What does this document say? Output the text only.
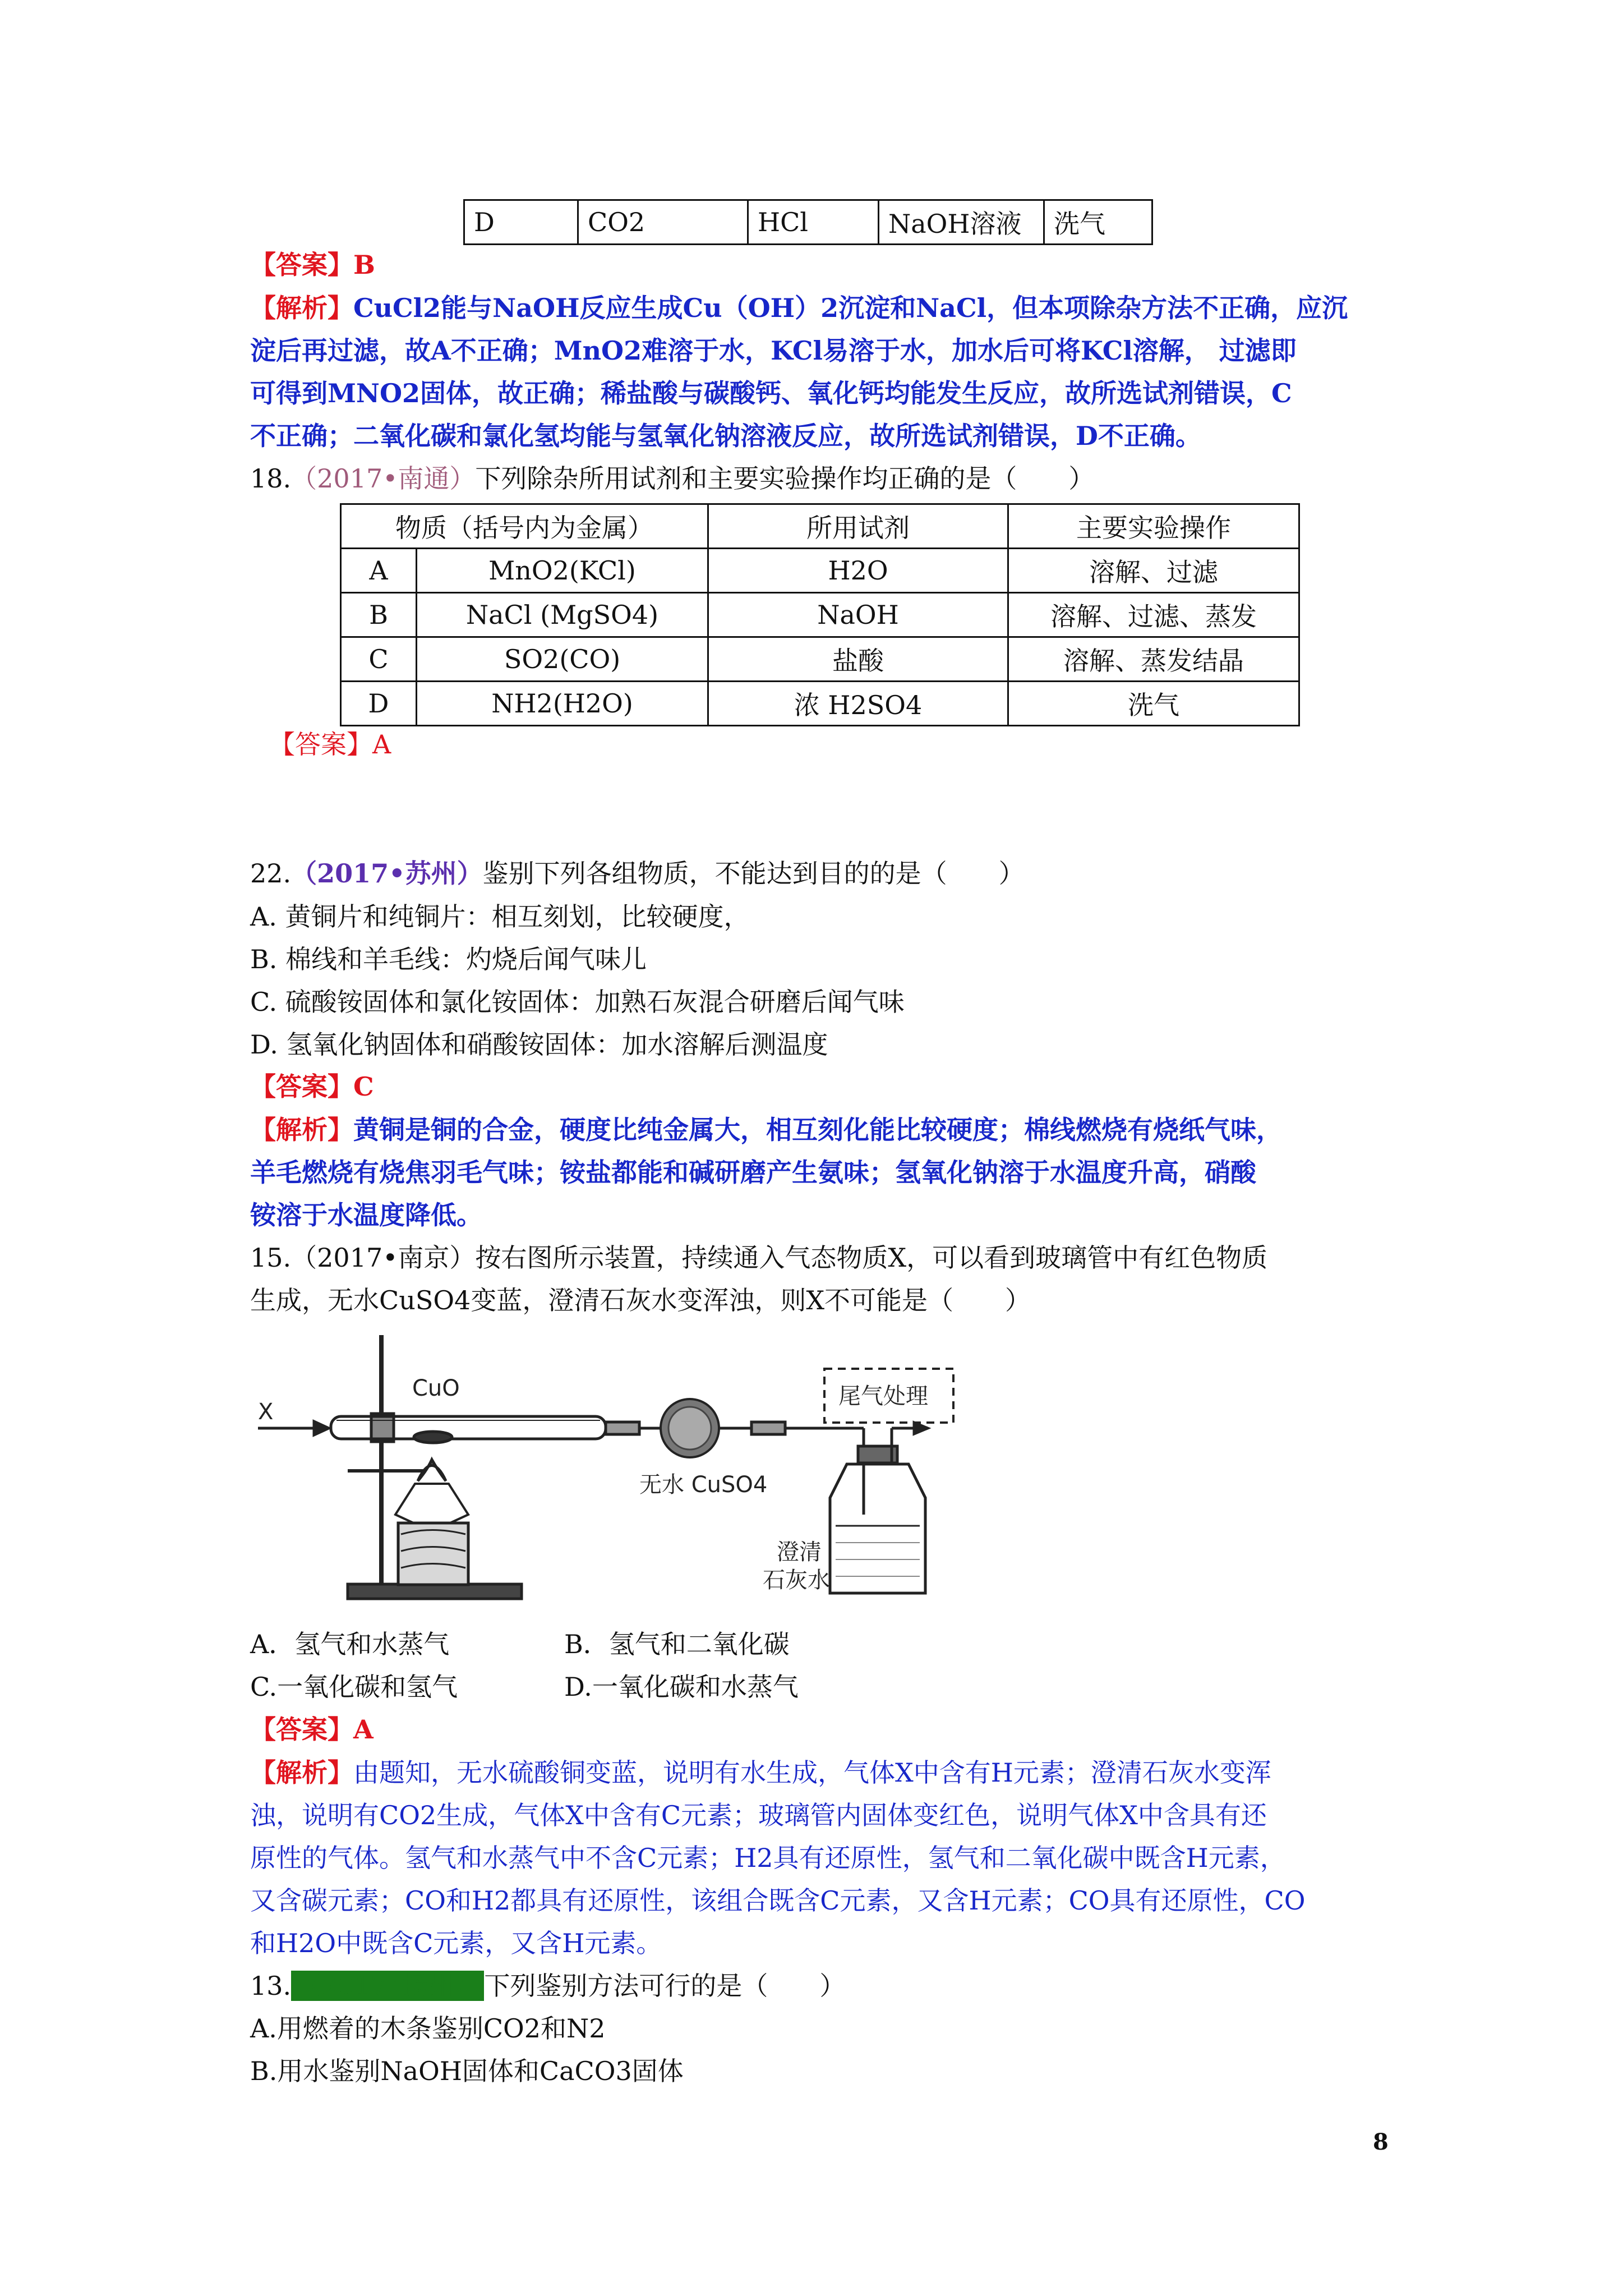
D	CO2	HCl	NaOH溶液	洗气
【答案】B
【解析】CuCl2能与NaOH反应生成Cu（OH）2沉淀和NaCl，但本项除杂方法不正确，应沉
淀后再过滤，故A不正确；MnO2难溶于水，KCl易溶于水，加水后可将KCl溶解， 过滤即
可得到MNO2固体，故正确；稀盐酸与碳酸钙、氧化钙均能发生反应，故所选试剂错误，C
不正确；二氧化碳和氯化氢均能与氢氧化钠溶液反应，故所选试剂错误，D不正确。
18.（2017•南通）下列除杂所用试剂和主要实验操作均正确的是（　　）
物质（括号内为金属）		所用试剂	主要实验操作
A	MnO2(KCl)	H2O	溶解、过滤
B	NaCl (MgSO4)	NaOH	溶解、过滤、蒸发
C	SO2(CO)	盐酸	溶解、蒸发结晶
D	NH2(H2O)	浓 H2SO4	洗气
【答案】A
22.（2017•苏州）鉴别下列各组物质，不能达到目的的是（　　）
A. 黄铜片和纯铜片：相互刻划，比较硬度，
B. 棉线和羊毛线：灼烧后闻气味儿
C. 硫酸铵固体和氯化铵固体：加熟石灰混合研磨后闻气味
D. 氢氧化钠固体和硝酸铵固体：加水溶解后测温度
【答案】C
【解析】黄铜是铜的合金，硬度比纯金属大，相互刻化能比较硬度；棉线燃烧有烧纸气味，
羊毛燃烧有烧焦羽毛气味；铵盐都能和碱研磨产生氨味；氢氧化钠溶于水温度升高，硝酸
铵溶于水温度降低。
15.（2017•南京）按右图所示装置，持续通入气态物质X，可以看到玻璃管中有红色物质
生成，无水CuSO4变蓝，澄清石灰水变浑浊，则X不可能是（　　）
X
CuO
无水 CuSO4
尾气处理
澄清
石灰水
A．氢气和水蒸气	B．氢气和二氧化碳
C.一氧化碳和氢气	D.一氧化碳和水蒸气
【答案】A
【解析】由题知，无水硫酸铜变蓝，说明有水生成，气体X中含有H元素；澄清石灰水变浑
浊，说明有CO2生成，气体X中含有C元素；玻璃管内固体变红色，说明气体X中含具有还
原性的气体。氢气和水蒸气中不含C元素；H2具有还原性，氢气和二氧化碳中既含H元素，
又含碳元素；CO和H2都具有还原性，该组合既含C元素，又含H元素；CO具有还原性，CO
和H2O中既含C元素，又含H元素。
13. （2017•扬州） 下列鉴别方法可行的是（　　）
A.用燃着的木条鉴别CO2和N2
B.用水鉴别NaOH固体和CaCO3固体
8
